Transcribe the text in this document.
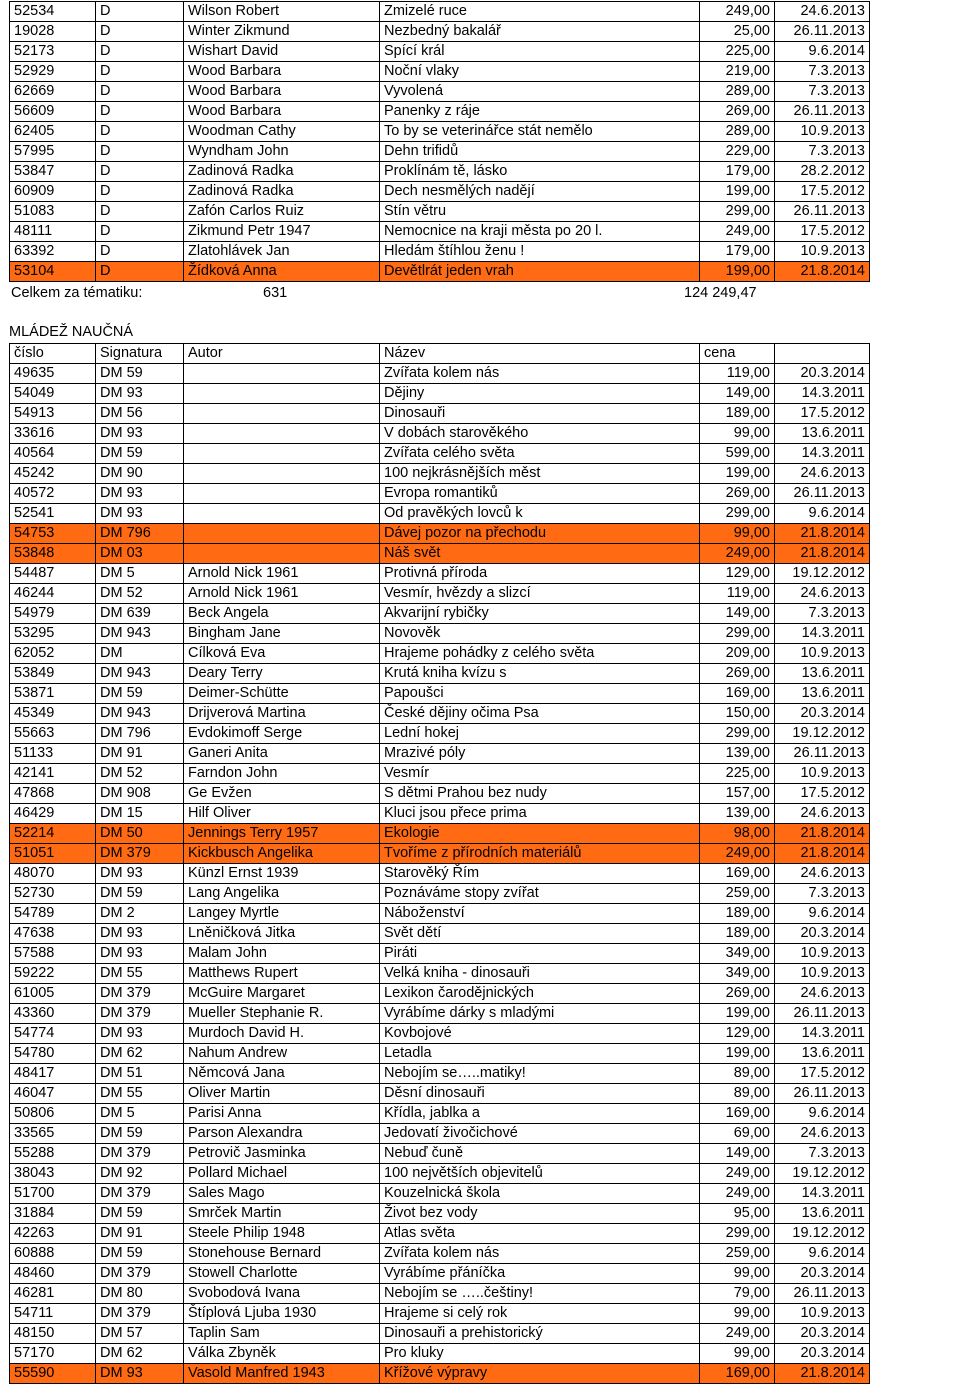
52534	D	Wilson Robert	Zmizelé ruce	249,00	24.6.2013
19028	D	Winter Zikmund	Nezbedný bakalář	25,00	26.11.2013
52173	D	Wishart David	Spící král	225,00	9.6.2014
52929	D	Wood Barbara	Noční vlaky	219,00	7.3.2013
62669	D	Wood Barbara	Vyvolená	289,00	7.3.2013
56609	D	Wood Barbara	Panenky z ráje	269,00	26.11.2013
62405	D	Woodman Cathy	To by se veterinářce stát nemělo	289,00	10.9.2013
57995	D	Wyndham John	Dehn trifidů	229,00	7.3.2013
53847	D	Zadinová Radka	Proklínám tě, lásko	179,00	28.2.2012
60909	D	Zadinová Radka	Dech nesmělých nadějí	199,00	17.5.2012
51083	D	Zafón Carlos Ruiz	Stín větru	299,00	26.11.2013
48111	D	Zikmund Petr 1947	Nemocnice na kraji města po 20 l.	249,00	17.5.2012
63392	D	Zlatohlávek Jan	Hledám štíhlou ženu !	179,00	10.9.2013
53104	D	Žídková Anna	Devětlrát jeden vrah	199,00	21.8.2014
Celkem za tématiku:	631	124 249,47
MLÁDEŽ NAUČNÁ
číslo	Signatura	Autor	Název	cena	
49635	DM 59		Zvířata kolem nás	119,00	20.3.2014
54049	DM 93		Dějiny	149,00	14.3.2011
54913	DM 56		Dinosauři	189,00	17.5.2012
33616	DM 93		V dobách starověkého	99,00	13.6.2011
40564	DM 59		Zvířata celého světa	599,00	14.3.2011
45242	DM 90		100 nejkrásnějších měst	199,00	24.6.2013
40572	DM 93		Evropa romantiků	269,00	26.11.2013
52541	DM 93		Od pravěkých lovců k	299,00	9.6.2014
54753	DM 796		Dávej pozor na přechodu	99,00	21.8.2014
53848	DM 03		Náš svět	249,00	21.8.2014
54487	DM 5	Arnold Nick 1961	Protivná příroda	129,00	19.12.2012
46244	DM 52	Arnold Nick 1961	Vesmír, hvězdy a slizcí	119,00	24.6.2013
54979	DM 639	Beck Angela	Akvarijní rybičky	149,00	7.3.2013
53295	DM 943	Bingham Jane	Novověk	299,00	14.3.2011
62052	DM	Cílková Eva	Hrajeme pohádky z celého světa	209,00	10.9.2013
53849	DM 943	Deary Terry	Krutá kniha kvízu s	269,00	13.6.2011
53871	DM 59	Deimer-Schütte	Papoušci	169,00	13.6.2011
45349	DM 943	Drijverová Martina	České dějiny očima Psa	150,00	20.3.2014
55663	DM 796	Evdokimoff Serge	Lední hokej	299,00	19.12.2012
51133	DM 91	Ganeri Anita	Mrazivé póly	139,00	26.11.2013
42141	DM 52	Farndon John	Vesmír	225,00	10.9.2013
47868	DM 908	Ge Evžen	S dětmi Prahou bez nudy	157,00	17.5.2012
46429	DM 15	Hilf Oliver	Kluci jsou přece prima	139,00	24.6.2013
52214	DM 50	Jennings Terry 1957	Ekologie	98,00	21.8.2014
51051	DM 379	Kickbusch Angelika	Tvoříme z přírodních materiálů	249,00	21.8.2014
48070	DM 93	Künzl Ernst 1939	Starověký Řím	169,00	24.6.2013
52730	DM 59	Lang Angelika	Poznáváme stopy zvířat	259,00	7.3.2013
54789	DM 2	Langey Myrtle	Náboženství	189,00	9.6.2014
47638	DM 93	Lněničková Jitka	Svět dětí	189,00	20.3.2014
57588	DM 93	Malam John	Piráti	349,00	10.9.2013
59222	DM 55	Matthews Rupert	Velká kniha - dinosauři	349,00	10.9.2013
61005	DM 379	McGuire Margaret	Lexikon čarodějnických	269,00	24.6.2013
43360	DM 379	Mueller Stephanie R.	Vyrábíme dárky s mladými	199,00	26.11.2013
54774	DM 93	Murdoch David H.	Kovbojové	129,00	14.3.2011
54780	DM 62	Nahum Andrew	Letadla	199,00	13.6.2011
48417	DM 51	Němcová Jana	Nebojím se…..matiky!	89,00	17.5.2012
46047	DM 55	Oliver Martin	Děsní dinosauři	89,00	26.11.2013
50806	DM 5	Parisi Anna	Křídla, jablka a	169,00	9.6.2014
33565	DM 59	Parson Alexandra	Jedovatí živočichové	69,00	24.6.2013
55288	DM 379	Petrovič Jasminka	Nebuď čuně	149,00	7.3.2013
38043	DM 92	Pollard Michael	100 největších objevitelů	249,00	19.12.2012
51700	DM 379	Sales Mago	Kouzelnická škola	249,00	14.3.2011
31884	DM 59	Smrček Martin	Život bez vody	95,00	13.6.2011
42263	DM 91	Steele Philip 1948	Atlas světa	299,00	19.12.2012
60888	DM 59	Stonehouse Bernard	Zvířata kolem nás	259,00	9.6.2014
48460	DM 379	Stowell Charlotte	Vyrábíme přáníčka	99,00	20.3.2014
46281	DM 80	Svobodová Ivana	Nebojím se …..češtiny!	79,00	26.11.2013
54711	DM 379	Štíplová Ljuba 1930	Hrajeme si celý rok	99,00	10.9.2013
48150	DM 57	Taplin Sam	Dinosauři a prehistorický	249,00	20.3.2014
57170	DM 62	Válka Zbyněk	Pro kluky	99,00	20.3.2014
55590	DM 93	Vasold Manfred 1943	Křížové výpravy	169,00	21.8.2014
